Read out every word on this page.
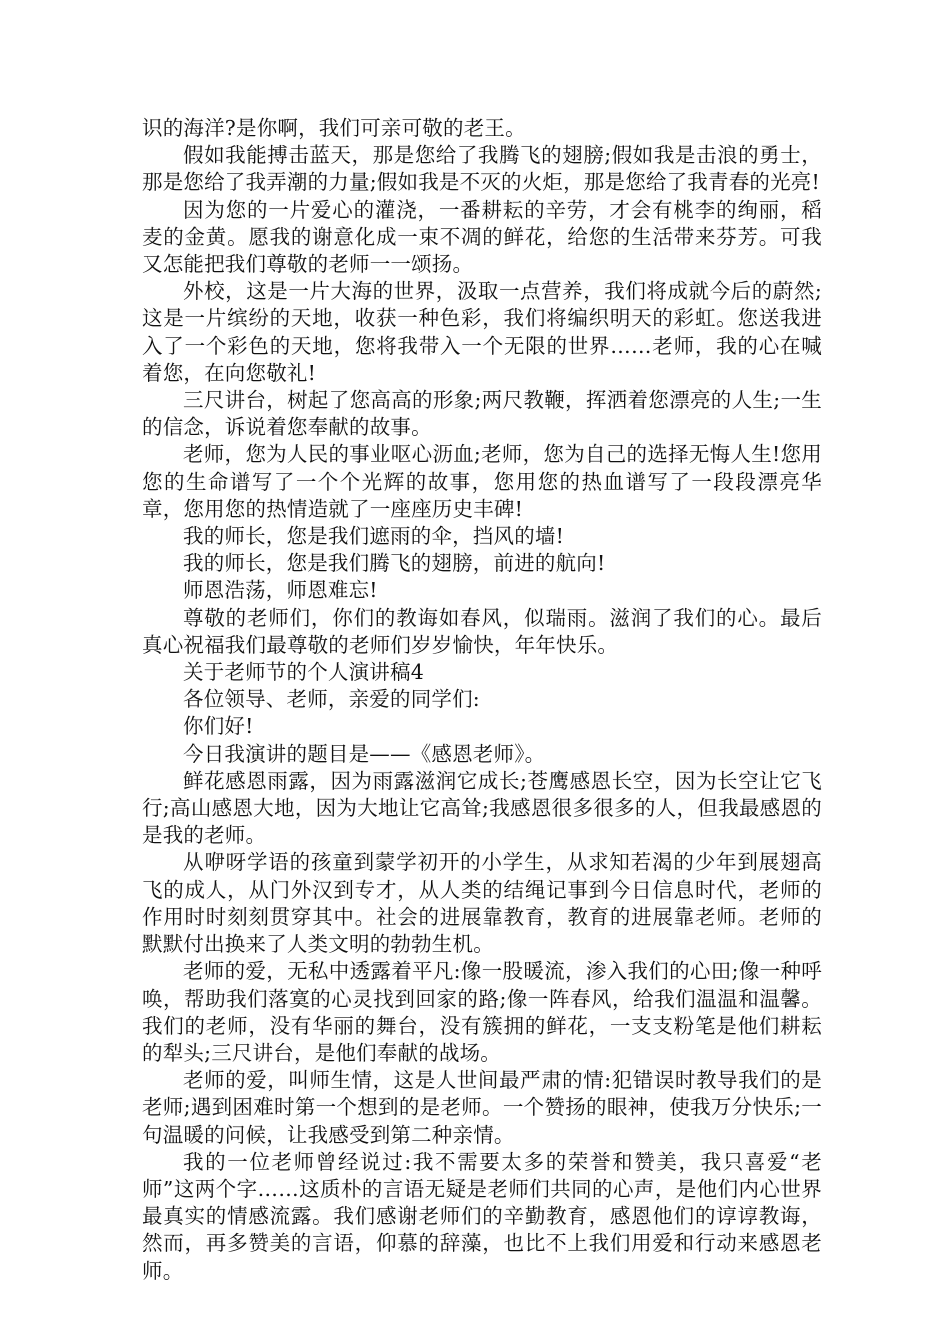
识的海洋?是你啊，我们可亲可敬的老王。

假如我能搏击蓝天，那是您给了我腾飞的翅膀;假如我是击浪的勇士，那是您给了我弄潮的力量;假如我是不灭的火炬，那是您给了我青春的光亮!

因为您的一片爱心的灌浇，一番耕耘的辛劳，才会有桃李的绚丽，稻麦的金黄。愿我的谢意化成一束不凋的鲜花，给您的生活带来芬芳。可我又怎能把我们尊敬的老师一一颂扬。

外校，这是一片大海的世界，汲取一点营养，我们将成就今后的蔚然;这是一片缤纷的天地，收获一种色彩，我们将编织明天的彩虹。您送我进入了一个彩色的天地，您将我带入一个无限的世界……老师，我的心在喊着您，在向您敬礼!

三尺讲台，树起了您高高的形象;两尺教鞭，挥洒着您漂亮的人生;一生的信念，诉说着您奉献的故事。

老师，您为人民的事业呕心沥血;老师，您为自己的选择无悔人生!您用您的生命谱写了一个个光辉的故事，您用您的热血谱写了一段段漂亮华章，您用您的热情造就了一座座历史丰碑!

我的师长，您是我们遮雨的伞，挡风的墙!

我的师长，您是我们腾飞的翅膀，前进的航向!

师恩浩荡，师恩难忘!

尊敬的老师们，你们的教诲如春风，似瑞雨。滋润了我们的心。最后真心祝福我们最尊敬的老师们岁岁愉快，年年快乐。

关于老师节的个人演讲稿4

各位领导、老师，亲爱的同学们:

你们好!

今日我演讲的题目是——《感恩老师》。

鲜花感恩雨露，因为雨露滋润它成长;苍鹰感恩长空，因为长空让它飞行;高山感恩大地，因为大地让它高耸;我感恩很多很多的人，但我最感恩的是我的老师。

从咿呀学语的孩童到蒙学初开的小学生，从求知若渴的少年到展翅高飞的成人，从门外汉到专才，从人类的结绳记事到今日信息时代，老师的作用时时刻刻贯穿其中。社会的进展靠教育，教育的进展靠老师。老师的默默付出换来了人类文明的勃勃生机。

老师的爱，无私中透露着平凡:像一股暖流，渗入我们的心田;像一种呼唤，帮助我们落寞的心灵找到回家的路;像一阵春风，给我们温温和温馨。我们的老师，没有华丽的舞台，没有簇拥的鲜花，一支支粉笔是他们耕耘的犁头;三尺讲台，是他们奉献的战场。

老师的爱，叫师生情，这是人世间最严肃的情:犯错误时教导我们的是老师;遇到困难时第一个想到的是老师。一个赞扬的眼神，使我万分快乐;一句温暖的问候，让我感受到第二种亲情。

我的一位老师曾经说过:我不需要太多的荣誉和赞美，我只喜爱“老师”这两个字……这质朴的言语无疑是老师们共同的心声，是他们内心世界最真实的情感流露。我们感谢老师们的辛勤教育，感恩他们的谆谆教诲，然而，再多赞美的言语，仰慕的辞藻，也比不上我们用爱和行动来感恩老师。
